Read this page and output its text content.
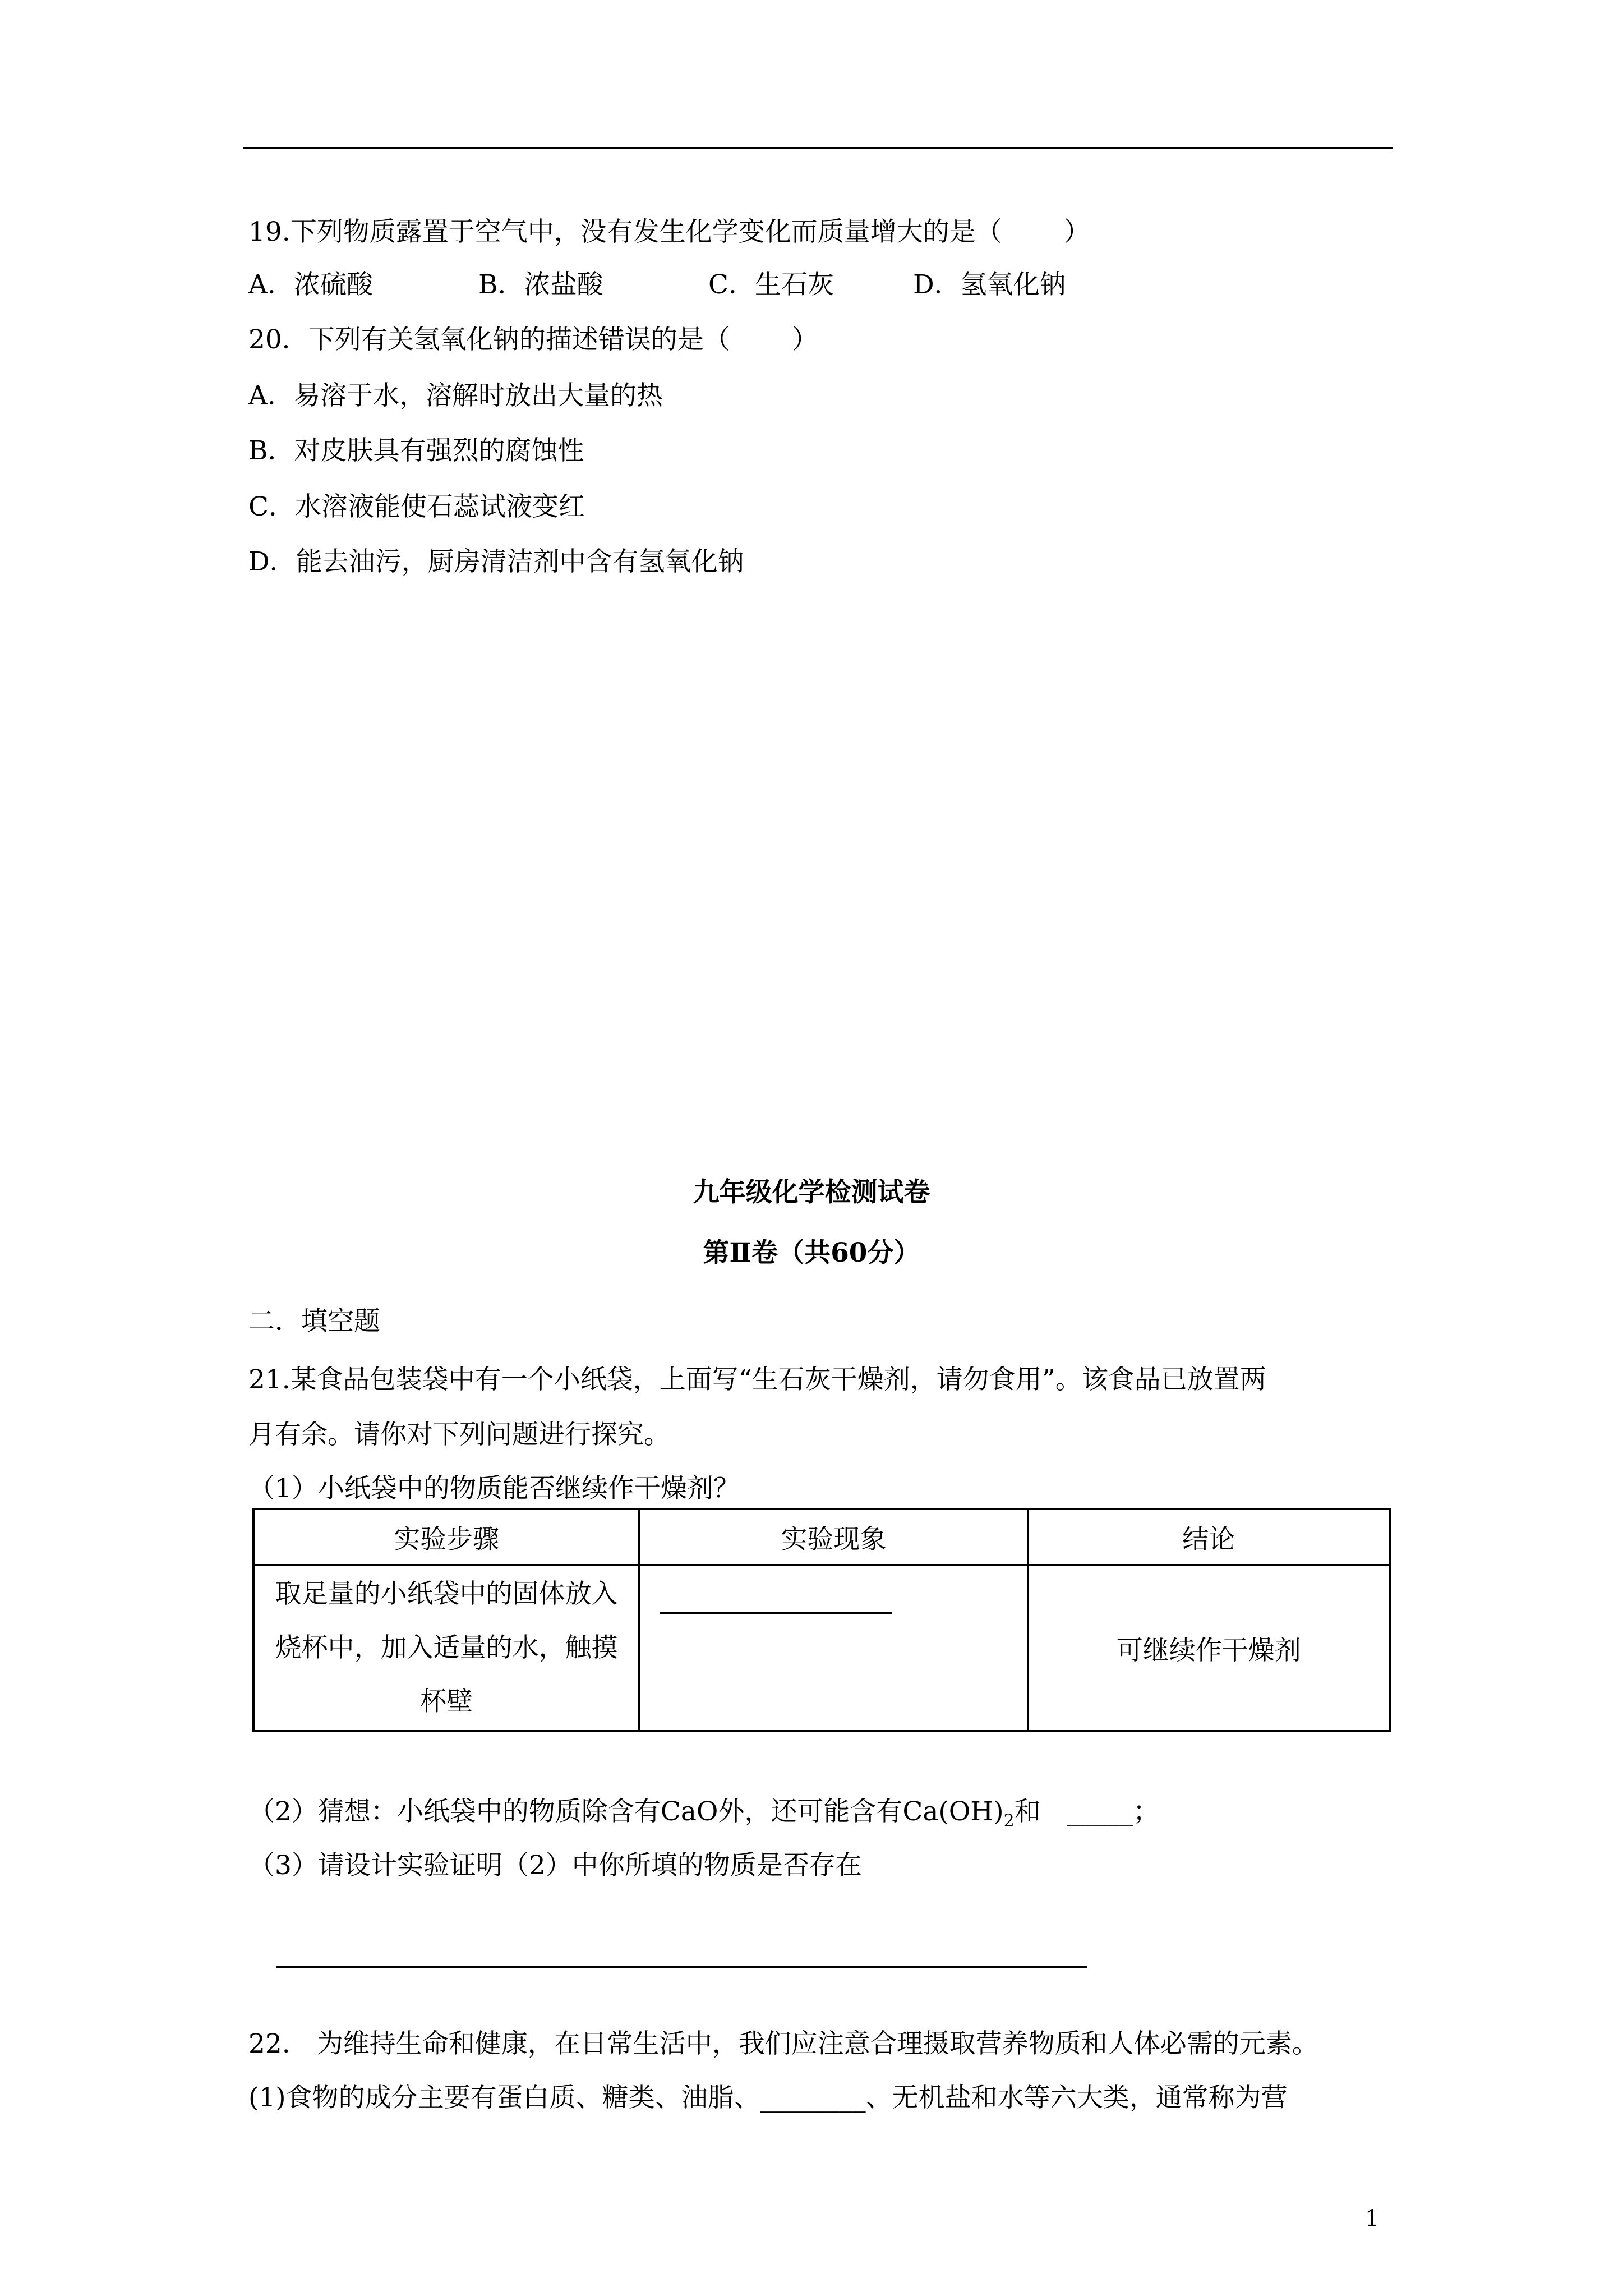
19.下列物质露置于空气中，没有发生化学变化而质量增大的是（ ）
A．浓硫酸	B．浓盐酸	C．生石灰	D．氢氧化钠
20．下列有关氢氧化钠的描述错误的是（ ）
A．易溶于水，溶解时放出大量的热
B．对皮肤具有强烈的腐蚀性
C．水溶液能使石蕊试液变红
D．能去油污，厨房清洁剂中含有氢氧化钠
九年级化学检测试卷
第Ⅱ卷（共60分）
二．填空题
21.某食品包装袋中有一个小纸袋，上面写“生石灰干燥剂，请勿食用”。该食品已放置两
月有余。请你对下列问题进行探究。
（1）小纸袋中的物质能否继续作干燥剂？
实验步骤	实验现象	结论

取足量的小纸袋中的固体放入
烧杯中，加入适量的水，触摸
杯壁		可继续作干燥剂
（2）猜想：小纸袋中的物质除含有CaO外，还可能含有$Ca(OH)_2$和　_____；
（3）请设计实验证明（2）中你所填的物质是否存在
22.　为维持生命和健康，在日常生活中，我们应注意合理摄取营养物质和人体必需的元素。
(1)食物的成分主要有蛋白质、糖类、油脂、________、无机盐和水等六大类，通常称为营
1
